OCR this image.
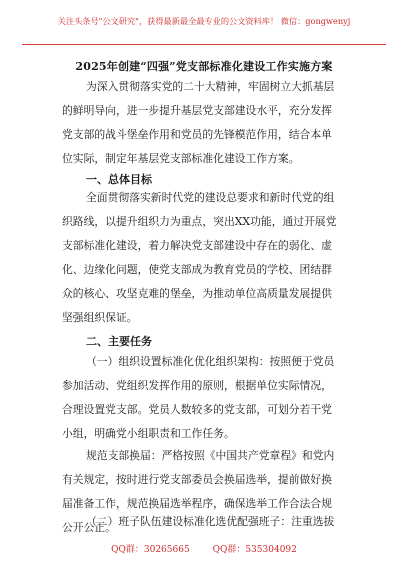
关注头条号"公文研究"，获得最新最全最专业的公文资料库！ 微信：gongwenyj
2025年创建“四强”党支部标准化建设工作实施方案
为深入贯彻落实党的二十大精神，牢固树立大抓基层
的鲜明导向，进一步提升基层党支部建设水平，充分发挥
党支部的战斗堡垒作用和党员的先锋模范作用，结合本单
位实际，制定年基层党支部标准化建设工作方案。
一、总体目标
全面贯彻落实新时代党的建设总要求和新时代党的组
织路线，以提升组织力为重点，突出XX功能，通过开展党
支部标准化建设，着力解决党支部建设中存在的弱化、虚
化、边缘化问题，使党支部成为教育党员的学校、团结群
众的核心、攻坚克难的堡垒，为推动单位高质量发展提供
坚强组织保证。
二、主要任务
（一）组织设置标准化优化组织架构：按照便于党员
参加活动、党组织发挥作用的原则，根据单位实际情况，
合理设置党支部。党员人数较多的党支部，可划分若干党
小组，明确党小组职责和工作任务。
规范支部换届：严格按照《中国共产党章程》和党内
有关规定，按时进行党支部委员会换届选举，提前做好换
届准备工作，规范换届选举程序，确保选举工作合法合规
公开公正。
（二）班子队伍建设标准化选优配强班子：注重选拔
QQ群：30265665	QQ群：535304092
